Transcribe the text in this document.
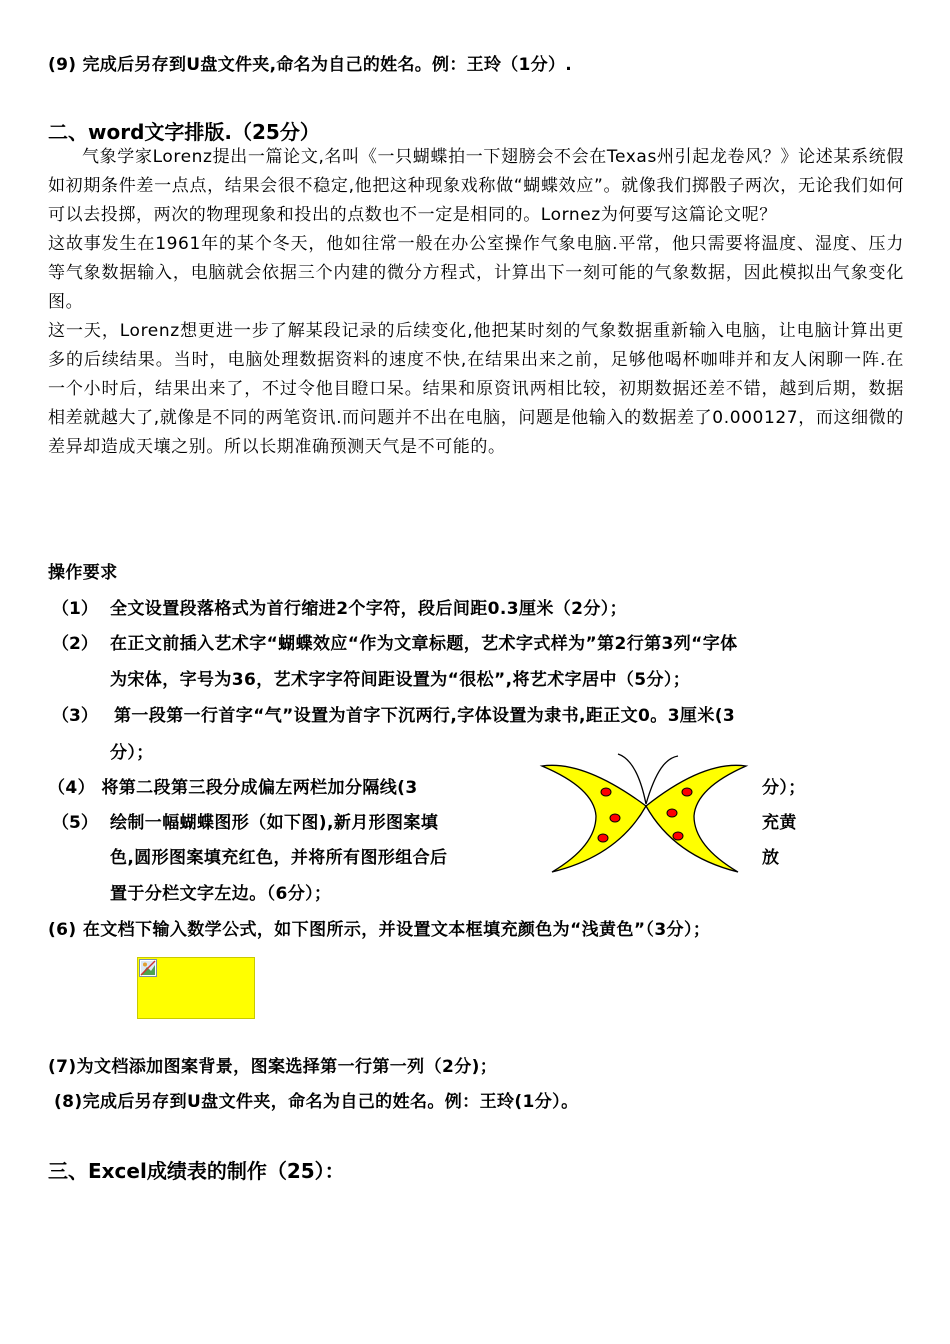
(9) 完成后另存到U盘文件夹,命名为自己的姓名。例：王玲（1分）.
二、word文字排版.（25分）

气象学家Lorenz提出一篇论文,名叫《一只蝴蝶拍一下翅膀会不会在Texas州引起龙卷风？》论述某系统假如初期条件差一点点，结果会很不稳定,他把这种现象戏称做“蝴蝶效应”。就像我们掷骰子两次，无论我们如何可以去投掷，两次的物理现象和投出的点数也不一定是相同的。Lornez为何要写这篇论文呢？

这故事发生在1961年的某个冬天，他如往常一般在办公室操作气象电脑.平常，他只需要将温度、湿度、压力等气象数据输入，电脑就会依据三个内建的微分方程式，计算出下一刻可能的气象数据，因此模拟出气象变化图。

这一天，Lorenz想更进一步了解某段记录的后续变化,他把某时刻的气象数据重新输入电脑，让电脑计算出更多的后续结果。当时，电脑处理数据资料的速度不快,在结果出来之前，足够他喝杯咖啡并和友人闲聊一阵.在一个小时后，结果出来了，不过令他目瞪口呆。结果和原资讯两相比较，初期数据还差不错，越到后期，数据相差就越大了,就像是不同的两笔资讯.而问题并不出在电脑，问题是他输入的数据差了0.000127，而这细微的差异却造成天壤之别。所以长期准确预测天气是不可能的。

操作要求
（1） 全文设置段落格式为首行缩进2个字符，段后间距0.3厘米（2分）；
（2） 在正文前插入艺术字“蝴蝶效应“作为文章标题，艺术字式样为”第2行第3列“字体
为宋体，字号为36，艺术字字符间距设置为“很松”,将艺术字居中（5分）；
（3） 第一段第一行首字“气”设置为首字下沉两行,字体设置为隶书,距正文0。3厘米(3
分）；
（4） 将第二段第三段分成偏左两栏加分隔线(3	分）；
（5） 绘制一幅蝴蝶图形（如下图),新月形图案填	充黄
色,圆形图案填充红色，并将所有图形组合后	放
置于分栏文字左边。（6分）；
(6) 在文档下输入数学公式，如下图所示，并设置文本框填充颜色为“浅黄色”（3分）；
(7)为文档添加图案背景，图案选择第一行第一列（2分)；
(8)完成后另存到U盘文件夹，命名为自己的姓名。例：王玲(1分）。
三、Excel成绩表的制作（25）：
